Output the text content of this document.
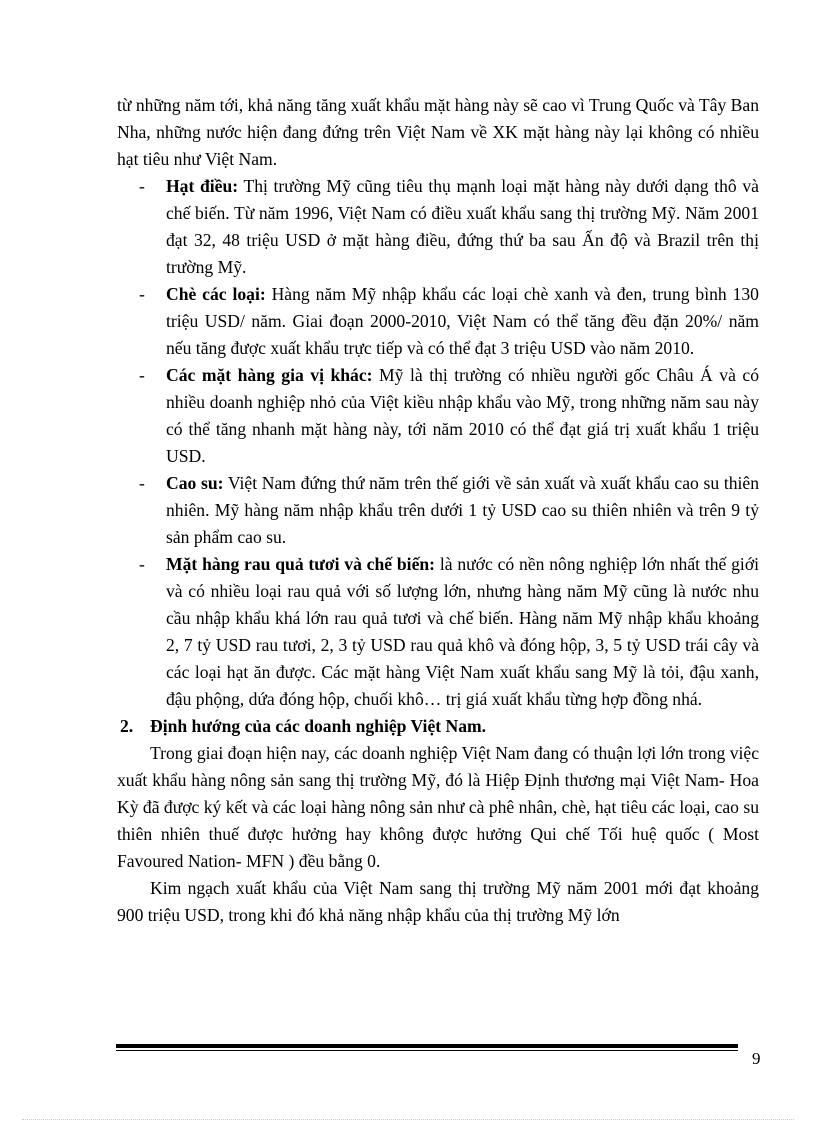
từ những năm tới, khả năng tăng xuất khẩu mặt hàng này sẽ cao vì Trung Quốc và Tây Ban Nha, những nước hiện đang đứng trên Việt Nam về XK mặt hàng này lại không có nhiều hạt tiêu như Việt Nam.

- Hạt điều: Thị trường Mỹ cũng tiêu thụ mạnh loại mặt hàng này dưới dạng thô và chế biến. Từ năm 1996, Việt Nam có điều xuất khẩu sang thị trường Mỹ. Năm 2001 đạt 32, 48 triệu USD ở mặt hàng điều, đứng thứ ba sau Ấn độ và Brazil trên thị trường Mỹ.
- Chè các loại: Hàng năm Mỹ nhập khẩu các loại chè xanh và đen, trung bình 130 triệu USD/ năm. Giai đoạn 2000-2010, Việt Nam có thể tăng đều đặn 20%/ năm nếu tăng được xuất khẩu trực tiếp và có thể đạt 3 triệu USD vào năm 2010.
- Các mặt hàng gia vị khác: Mỹ là thị trường có nhiều người gốc Châu Á và có nhiều doanh nghiệp nhỏ của Việt kiều nhập khẩu vào Mỹ, trong những năm sau này có thể tăng nhanh mặt hàng này, tới năm 2010 có thể đạt giá trị xuất khẩu 1 triệu USD.
- Cao su: Việt Nam đứng thứ năm trên thế giới về sản xuất và xuất khẩu cao su thiên nhiên. Mỹ hàng năm nhập khẩu trên dưới 1 tỷ USD cao su thiên nhiên và trên 9 tỷ sản phẩm cao su.
- Mặt hàng rau quả tươi và chế biến: là nước có nền nông nghiệp lớn nhất thế giới và có nhiều loại rau quả với số lượng lớn, nhưng hàng năm Mỹ cũng là nước nhu cầu nhập khẩu khá lớn rau quả tươi và chế biến. Hàng năm Mỹ nhập khẩu khoảng 2, 7 tỷ USD rau tươi, 2, 3 tỷ USD rau quả khô và đóng hộp, 3, 5 tỷ USD trái cây và các loại hạt ăn được. Các mặt hàng Việt Nam xuất khẩu sang Mỹ là tỏi, đậu xanh, đậu phộng, dứa đóng hộp, chuối khô… trị giá xuất khẩu từng hợp đồng nhá.

2. Định hướng của các doanh nghiệp Việt Nam.

Trong giai đoạn hiện nay, các doanh nghiệp Việt Nam đang có thuận lợi lớn trong việc xuất khẩu hàng nông sản sang thị trường Mỹ, đó là Hiệp Định thương mại Việt Nam- Hoa Kỳ đã được ký kết và các loại hàng nông sản như cà phê nhân, chè, hạt tiêu các loại, cao su thiên nhiên thuế được hưởng hay không được hưởng Qui chế Tối huệ quốc ( Most Favoured Nation- MFN ) đều bằng 0.

Kim ngạch xuất khẩu của Việt Nam sang thị trường Mỹ năm 2001 mới đạt khoảng 900 triệu USD, trong khi đó khả năng nhập khẩu của thị trường Mỹ lớn

9
